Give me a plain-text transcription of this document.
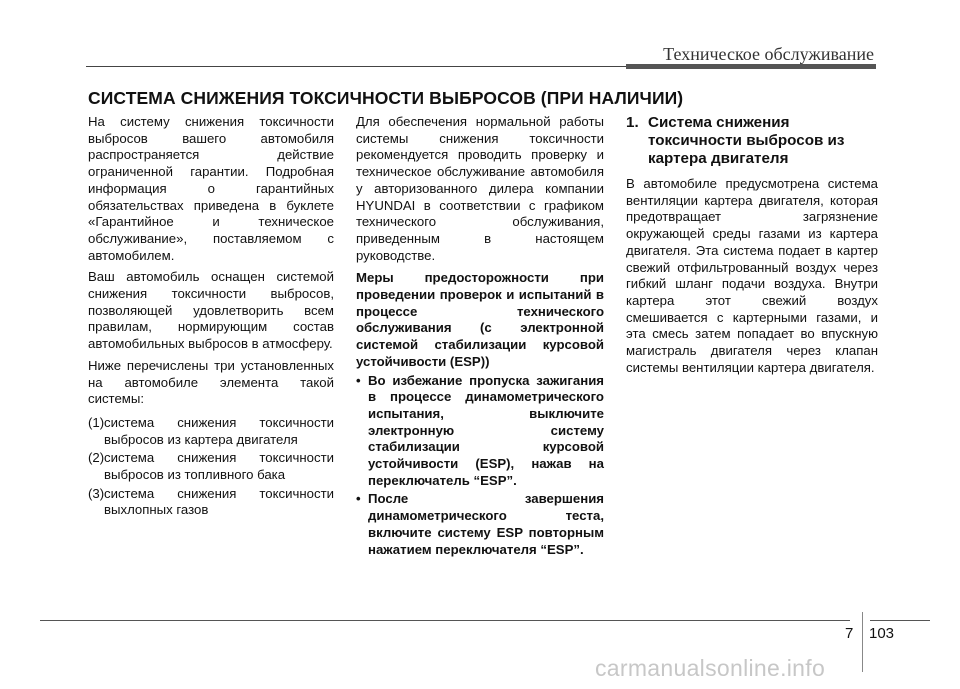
Техническое обслуживание
СИСТЕМА СНИЖЕНИЯ ТОКСИЧНОСТИ ВЫБРОСОВ (ПРИ НАЛИЧИИ)

На систему снижения токсичности выбросов вашего автомобиля распространяется действие ограниченной гарантии. Подробная информация о гарантийных обязательствах приведена в буклете «Гарантийное и техническое обслуживание», поставляемом с автомобилем.

Ваш автомобиль оснащен системой снижения токсичности выбросов, позволяющей удовлетворить всем правилам, нормирующим состав автомобильных выбросов в атмосферу.

Ниже перечислены три установленных на автомобиле элемента такой системы:

(1) система снижения токсичности выбросов из картера двигателя
(2) система снижения токсичности выбросов из топливного бака
(3) система снижения токсичности выхлопных газов

Для обеспечения нормальной работы системы снижения токсичности рекомендуется проводить проверку и техническое обслуживание автомобиля у авторизованного дилера компании HYUNDAI в соответствии с графиком технического обслуживания, приведенным в настоящем руководстве.

Меры предосторожности при проведении проверок и испытаний в процессе технического обслуживания (с электронной системой стабилизации курсовой устойчивости (ESP))

• Во избежание пропуска зажигания в процессе динамометрического испытания, выключите электронную систему стабилизации курсовой устойчивости (ESP), нажав на переключатель “ESP”.
• После завершения динамометрического теста, включите систему ESP повторным нажатием переключателя “ESP”.
1. Система снижения токсичности выбросов из картера двигателя

В автомобиле предусмотрена система вентиляции картера двигателя, которая предотвращает загрязнение окружающей среды газами из картера двигателя. Эта система подает в картер свежий отфильтрованный воздух через гибкий шланг подачи воздуха. Внутри картера этот свежий воздух смешивается с картерными газами, и эта смесь затем попадает во впускную магистраль двигателя через клапан системы вентиляции картера двигателя.

7 103
carmanualsonline.info
